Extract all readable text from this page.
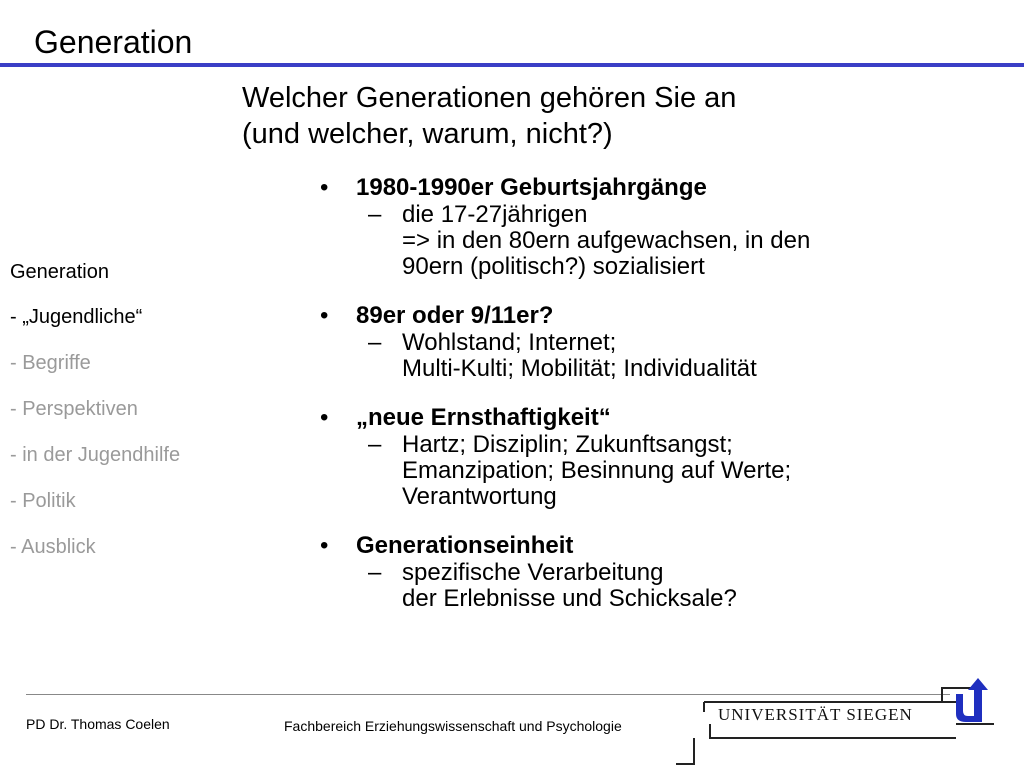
Generation
Welcher Generationen gehören Sie an
(und welcher, warum, nicht?)
Generation
- „Jugendliche“
- Begriffe
- Perspektiven
- in der Jugendhilfe
- Politik
- Ausblick
• 1980-1990er Geburtsjahrgänge
– die 17-27jährigen
=> in den 80ern aufgewachsen, in den
90ern (politisch?) sozialisiert
• 89er oder 9/11er?
– Wohlstand; Internet;
Multi-Kulti; Mobilität; Individualität
• „neue Ernsthaftigkeit“
– Hartz; Disziplin; Zukunftsangst;
Emanzipation; Besinnung auf Werte;
Verantwortung
• Generationseinheit
– spezifische Verarbeitung
der Erlebnisse und Schicksale?
PD Dr. Thomas Coelen	Fachbereich Erziehungswissenschaft und Psychologie
UNIVERSITÄT SIEGEN
